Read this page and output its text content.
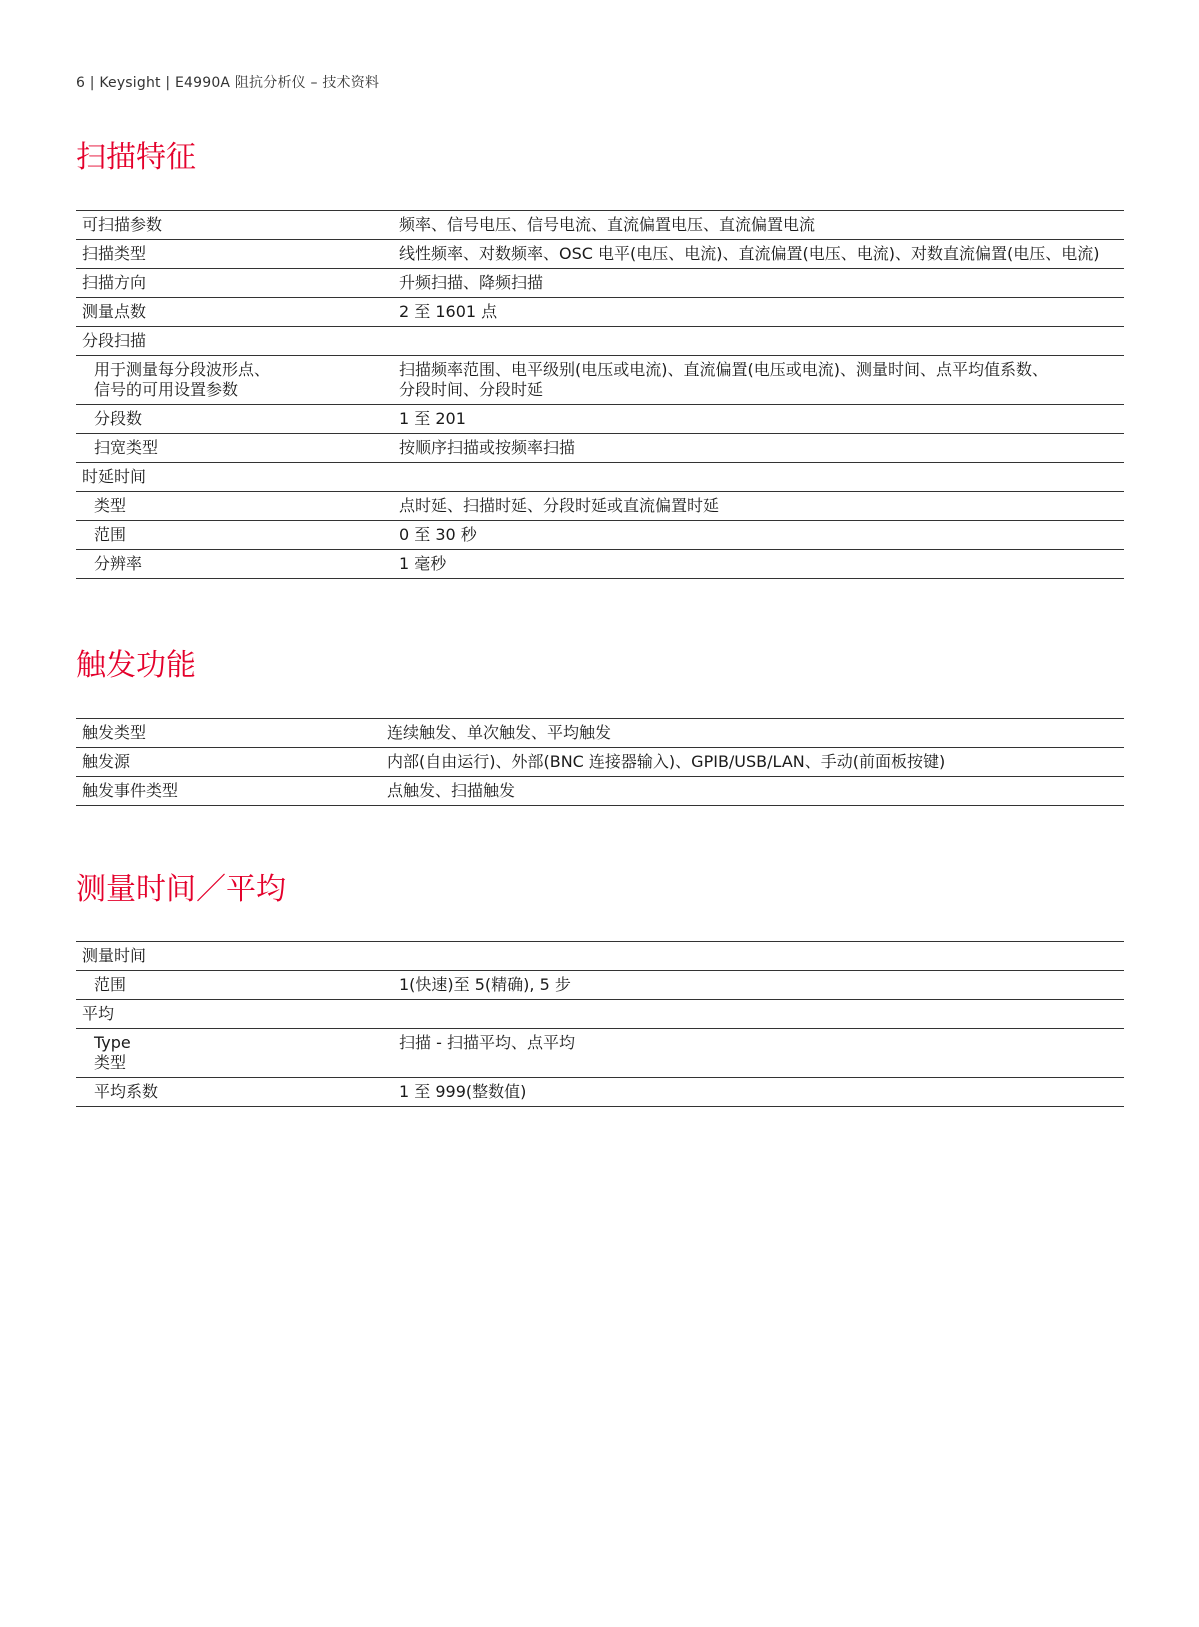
6 | Keysight | E4990A 阻抗分析仪 – 技术资料
扫描特征
可扫描参数	频率、信号电压、信号电流、直流偏置电压、直流偏置电流

扫描类型	线性频率、对数频率、OSC 电平(电压、电流)、直流偏置(电压、电流)、对数直流偏置(电压、电流)

扫描方向	升频扫描、降频扫描

测量点数	2 至 1601 点

分段扫描	

用于测量每分段波形点、
信号的可用设置参数	扫描频率范围、电平级别(电压或电流)、直流偏置(电压或电流)、测量时间、点平均值系数、
分段时间、分段时延

分段数	1 至 201

扫宽类型	按顺序扫描或按频率扫描

时延时间	

类型	点时延、扫描时延、分段时延或直流偏置时延

范围	0 至 30 秒

分辨率	1 毫秒
触发功能
触发类型	连续触发、单次触发、平均触发

触发源	内部(自由运行)、外部(BNC 连接器输入)、GPIB/USB/LAN、手动(前面板按键)

触发事件类型	点触发、扫描触发
测量时间／平均
测量时间	

范围	1(快速)至 5(精确), 5 步

平均	

Type
类型	扫描 - 扫描平均、点平均

平均系数	1 至 999(整数值)
